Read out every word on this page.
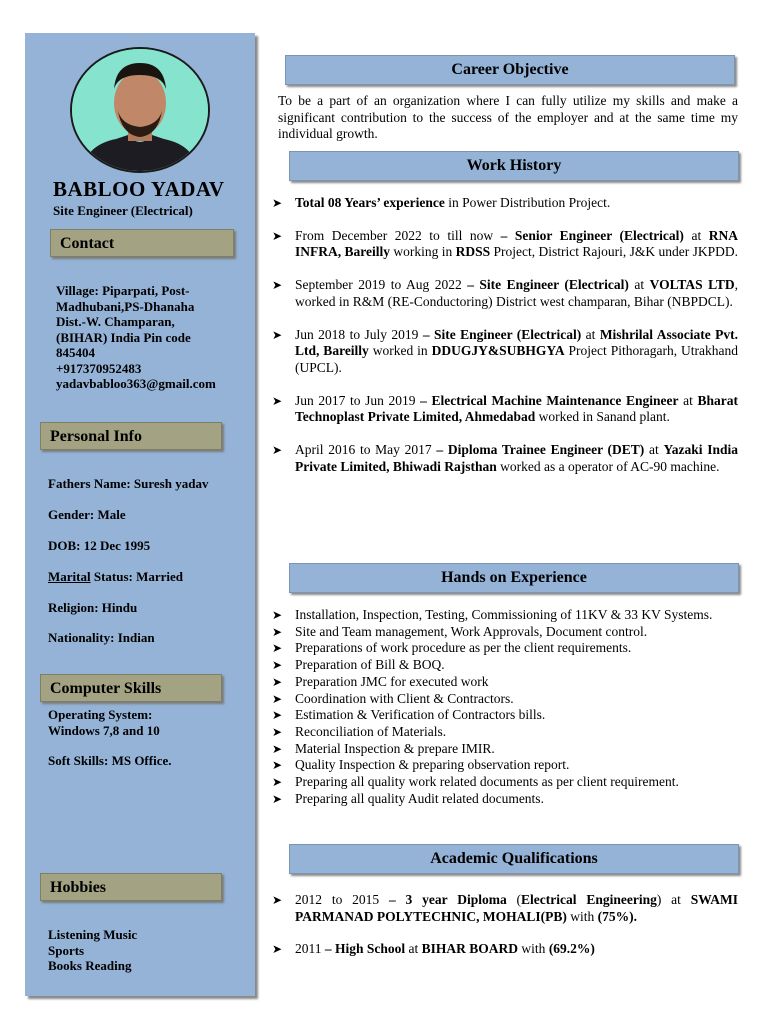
BABLOO YADAV
Site Engineer (Electrical)
Contact
Village: Piparpati, Post-
Madhubani,PS-Dhanaha
Dist.-W. Champaran,
(BIHAR) India Pin code
845404
+917370952483
yadavbabloo363@gmail.com
Personal Info
Fathers Name: Suresh yadav
Gender: Male
DOB: 12 Dec 1995
Marital Status: Married
Religion: Hindu
Nationality: Indian
Computer Skills
Operating System:
Windows 7,8 and 10
Soft Skills: MS Office.
Hobbies
Listening Music
Sports
Books Reading
Career Objective
To be a part of an organization where I can fully utilize my skills and make a significant contribution to the success of the employer and at the same time my individual growth.
Work History
➤ Total 08 Years’ experience in Power Distribution Project.
➤ From December 2022 to till now – Senior Engineer (Electrical) at RNA INFRA, Bareilly working in RDSS Project, District Rajouri, J&K under JKPDD.
➤ September 2019 to Aug 2022 – Site Engineer (Electrical) at VOLTAS LTD, worked in R&M (RE-Conductoring) District west champaran, Bihar (NBPDCL).
➤ Jun 2018 to July 2019 – Site Engineer (Electrical) at Mishrilal Associate Pvt. Ltd, Bareilly worked in DDUGJY&SUBHGYA Project Pithoragarh, Utrakhand (UPCL).
➤ Jun 2017 to Jun 2019 – Electrical Machine Maintenance Engineer at Bharat Technoplast Private Limited, Ahmedabad worked in Sanand plant.
➤ April 2016 to May 2017 – Diploma Trainee Engineer (DET) at Yazaki India Private Limited, Bhiwadi Rajsthan worked as a operator of AC-90 machine.
Hands on Experience
➤ Installation, Inspection, Testing, Commissioning of 11KV & 33 KV Systems.
➤ Site and Team management, Work Approvals, Document control.
➤ Preparations of work procedure as per the client requirements.
➤ Preparation of Bill & BOQ.
➤ Preparation JMC for executed work
➤ Coordination with Client & Contractors.
➤ Estimation & Verification of Contractors bills.
➤ Reconciliation of Materials.
➤ Material Inspection & prepare IMIR.
➤ Quality Inspection & preparing observation report.
➤ Preparing all quality work related documents as per client requirement.
➤ Preparing all quality Audit related documents.
Academic Qualifications
➤ 2012 to 2015 – 3 year Diploma (Electrical Engineering) at SWAMI PARMANAD POLYTECHNIC, MOHALI(PB) with (75%).
➤ 2011 – High School at BIHAR BOARD with (69.2%)
